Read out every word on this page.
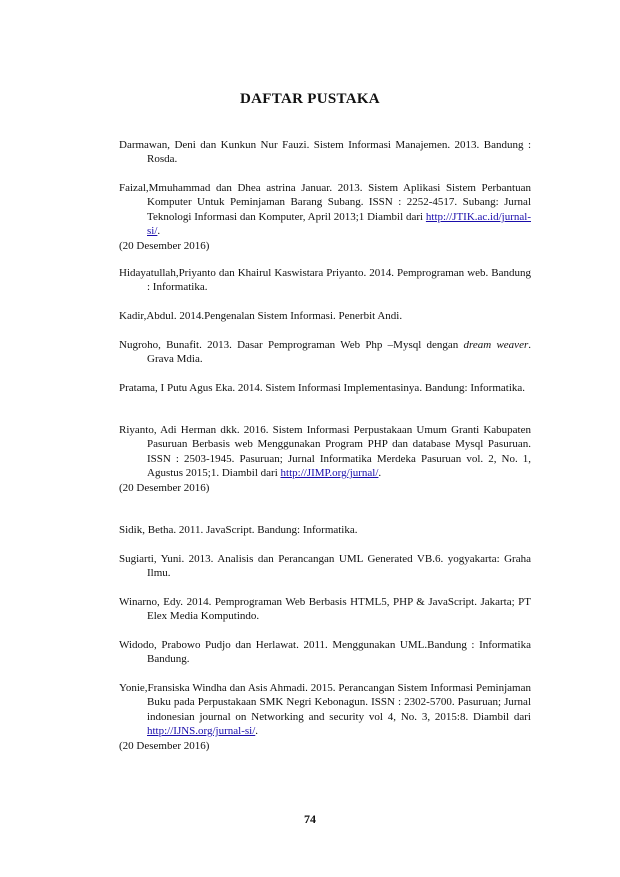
DAFTAR PUSTAKA

Darmawan, Deni dan Kunkun Nur Fauzi. Sistem Informasi Manajemen. 2013. Bandung : Rosda.

Faizal,Mmuhammad dan Dhea astrina Januar. 2013. Sistem Aplikasi Sistem Perbantuan Komputer Untuk Peminjaman Barang Subang. ISSN : 2252-4517. Subang: Jurnal Teknologi Informasi dan Komputer, April 2013;1 Diambil dari http://JTIK.ac.id/jurnal-si/.
(20 Desember 2016)

Hidayatullah,Priyanto dan Khairul Kaswistara Priyanto. 2014. Pemprograman web. Bandung : Informatika.

Kadir,Abdul. 2014.Pengenalan Sistem Informasi. Penerbit Andi.

Nugroho, Bunafit. 2013. Dasar Pemprograman Web Php –Mysql dengan dream weaver. Grava Mdia.

Pratama, I Putu Agus Eka. 2014. Sistem Informasi Implementasinya. Bandung: Informatika.

Riyanto, Adi Herman dkk. 2016. Sistem Informasi Perpustakaan Umum Granti Kabupaten Pasuruan Berbasis web Menggunakan Program PHP dan database Mysql Pasuruan. ISSN : 2503-1945. Pasuruan; Jurnal Informatika Merdeka Pasuruan vol. 2, No. 1, Agustus 2015;1. Diambil dari http://JIMP.org/jurnal/.
(20 Desember 2016)

Sidik, Betha. 2011. JavaScript. Bandung: Informatika.

Sugiarti, Yuni. 2013. Analisis dan Perancangan UML Generated VB.6. yogyakarta: Graha Ilmu.

Winarno, Edy. 2014. Pemprograman Web Berbasis HTML5, PHP & JavaScript. Jakarta; PT Elex Media Komputindo.

Widodo, Prabowo Pudjo dan Herlawat. 2011. Menggunakan UML.Bandung : Informatika Bandung.

Yonie,Fransiska Windha dan Asis Ahmadi. 2015. Perancangan Sistem Informasi Peminjaman Buku pada Perpustakaan SMK Negri Kebonagun. ISSN : 2302-5700. Pasuruan; Jurnal indonesian journal on Networking and security vol 4, No. 3, 2015:8. Diambil dari http://IJNS.org/jurnal-si/.
(20 Desember 2016)

74
